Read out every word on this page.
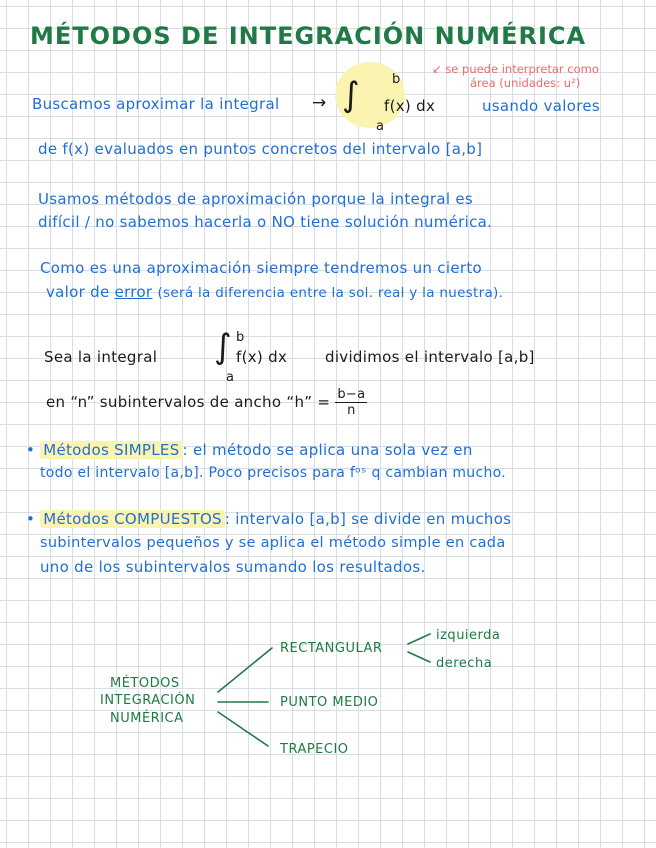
MÉTODOS DE INTEGRACIÓN NUMÉRICA
↙ se puede interpretar como
área (unidades: u²)
Buscamos aproximar la integral → ∫ b
a
f(x) dx	usando valores
de f(x) evaluados en puntos concretos del intervalo [a,b]
Usamos métodos de aproximación porque la integral es
difícil / no sabemos hacerla o NO tiene solución numérica.
Como es una aproximación siempre tendremos un cierto
valor de error (será la diferencia entre la sol. real y la nuestra).
Sea la integral ∫ b
a
f(x) dx	dividimos el intervalo [a,b]
en “n” subintervalos de ancho “h” = $\frac{b-a}{n}$
• Métodos SIMPLES : el método se aplica una sola vez en
todo el intervalo [a,b]. Poco precisos para fᵒˢ q cambian mucho.
• Métodos COMPUESTOS : intervalo [a,b] se divide en muchos
subintervalos pequeños y se aplica el método simple en cada
uno de los subintervalos sumando los resultados.
MÉTODOS
INTEGRACIÓN
NUMÉRICA
RECTANGULAR
izquierda
derecha
PUNTO MEDIO
TRAPECIO
